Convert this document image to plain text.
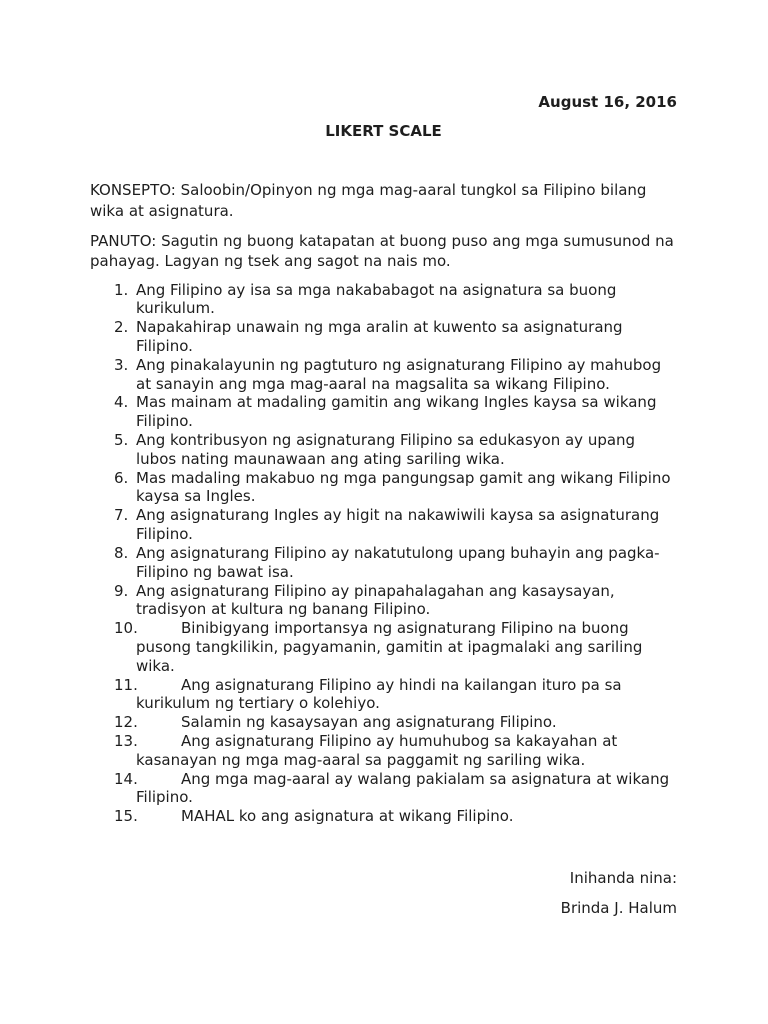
August 16, 2016
LIKERT SCALE
KONSEPTO: Saloobin/Opinyon ng mga mag-aaral tungkol sa Filipino bilang
wika at asignatura.
PANUTO: Sagutin ng buong katapatan at buong puso ang mga sumusunod na
pahayag. Lagyan ng tsek ang sagot na nais mo.
1. Ang Filipino ay isa sa mga nakababagot na asignatura sa buong
kurikulum.
2. Napakahirap unawain ng mga aralin at kuwento sa asignaturang
Filipino.
3. Ang pinakalayunin ng pagtuturo ng asignaturang Filipino ay mahubog
at sanayin ang mga mag-aaral na magsalita sa wikang Filipino.
4. Mas mainam at madaling gamitin ang wikang Ingles kaysa sa wikang
Filipino.
5. Ang kontribusyon ng asignaturang Filipino sa edukasyon ay upang
lubos nating maunawaan ang ating sariling wika.
6. Mas madaling makabuo ng mga pangungsap gamit ang wikang Filipino
kaysa sa Ingles.
7. Ang asignaturang Ingles ay higit na nakawiwili kaysa sa asignaturang
Filipino.
8. Ang asignaturang Filipino ay nakatutulong upang buhayin ang pagka-
Filipino ng bawat isa.
9. Ang asignaturang Filipino ay pinapahalagahan ang kasaysayan,
tradisyon at kultura ng banang Filipino.
10.	Binibigyang importansya ng asignaturang Filipino na buong
pusong tangkilikin, pagyamanin, gamitin at ipagmalaki ang sariling
wika.
11.	Ang asignaturang Filipino ay hindi na kailangan ituro pa sa
kurikulum ng tertiary o kolehiyo.
12.	Salamin ng kasaysayan ang asignaturang Filipino.
13.	Ang asignaturang Filipino ay humuhubog sa kakayahan at
kasanayan ng mga mag-aaral sa paggamit ng sariling wika.
14.	Ang mga mag-aaral ay walang pakialam sa asignatura at wikang
Filipino.
15.	MAHAL ko ang asignatura at wikang Filipino.
Inihanda nina:
Brinda J. Halum
